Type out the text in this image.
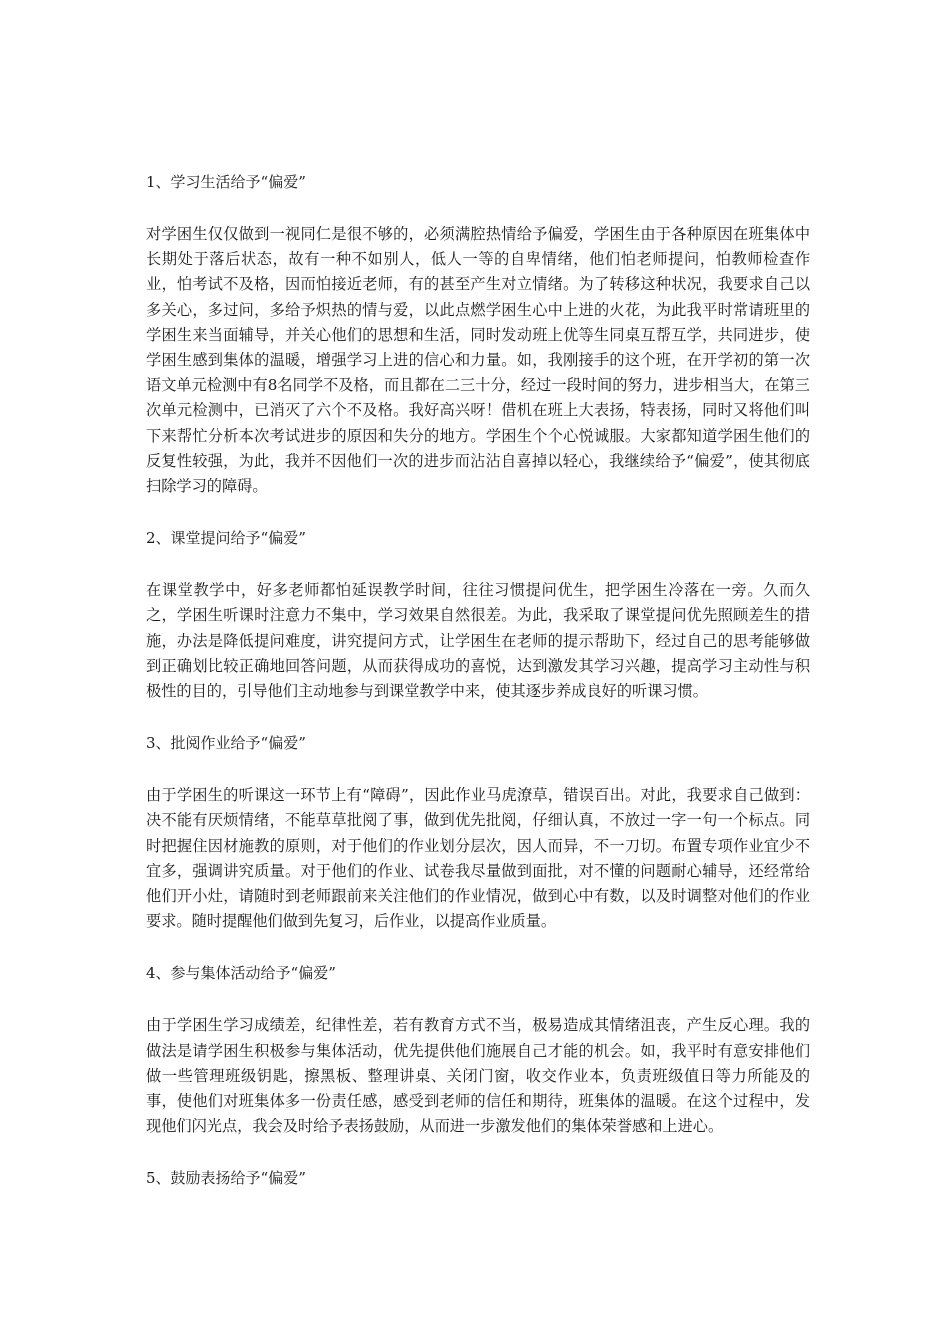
1、学习生活给予“偏爱”

对学困生仅仅做到一视同仁是很不够的，必须满腔热情给予偏爱，学困生由于各种原因在班集体中长期处于落后状态，故有一种不如别人，低人一等的自卑情绪，他们怕老师提问，怕教师检查作业，怕考试不及格，因而怕接近老师，有的甚至产生对立情绪。为了转移这种状况，我要求自己以多关心，多过问，多给予炽热的情与爱，以此点燃学困生心中上进的火花，为此我平时常请班里的学困生来当面辅导，并关心他们的思想和生活，同时发动班上优等生同桌互帮互学，共同进步，使学困生感到集体的温暖，增强学习上进的信心和力量。如，我刚接手的这个班，在开学初的第一次语文单元检测中有8名同学不及格，而且都在二三十分，经过一段时间的努力，进步相当大，在第三次单元检测中，已消灭了六个不及格。我好高兴呀！借机在班上大表扬，特表扬，同时又将他们叫下来帮忙分析本次考试进步的原因和失分的地方。学困生个个心悦诚服。大家都知道学困生他们的反复性较强，为此，我并不因他们一次的进步而沾沾自喜掉以轻心，我继续给予“偏爱”，使其彻底扫除学习的障碍。

2、课堂提问给予“偏爱”

在课堂教学中，好多老师都怕延误教学时间，往往习惯提问优生，把学困生冷落在一旁。久而久之，学困生听课时注意力不集中，学习效果自然很差。为此，我采取了课堂提问优先照顾差生的措施，办法是降低提问难度，讲究提问方式，让学困生在老师的提示帮助下，经过自己的思考能够做到正确划比较正确地回答问题，从而获得成功的喜悦，达到激发其学习兴趣，提高学习主动性与积极性的目的，引导他们主动地参与到课堂教学中来，使其逐步养成良好的听课习惯。

3、批阅作业给予“偏爱”

由于学困生的听课这一环节上有“障碍”，因此作业马虎潦草，错误百出。对此，我要求自己做到：决不能有厌烦情绪，不能草草批阅了事，做到优先批阅，仔细认真，不放过一字一句一个标点。同时把握住因材施教的原则，对于他们的作业划分层次，因人而异，不一刀切。布置专项作业宜少不宜多，强调讲究质量。对于他们的作业、试卷我尽量做到面批，对不懂的问题耐心辅导，还经常给他们开小灶，请随时到老师跟前来关注他们的作业情况，做到心中有数，以及时调整对他们的作业要求。随时提醒他们做到先复习，后作业，以提高作业质量。

4、参与集体活动给予“偏爱”

由于学困生学习成绩差，纪律性差，若有教育方式不当，极易造成其情绪沮丧，产生反心理。我的做法是请学困生积极参与集体活动，优先提供他们施展自己才能的机会。如，我平时有意安排他们做一些管理班级钥匙，擦黑板、整理讲桌、关闭门窗，收交作业本，负责班级值日等力所能及的事，使他们对班集体多一份责任感，感受到老师的信任和期待，班集体的温暖。在这个过程中，发现他们闪光点，我会及时给予表扬鼓励，从而进一步激发他们的集体荣誉感和上进心。

5、鼓励表扬给予“偏爱”
